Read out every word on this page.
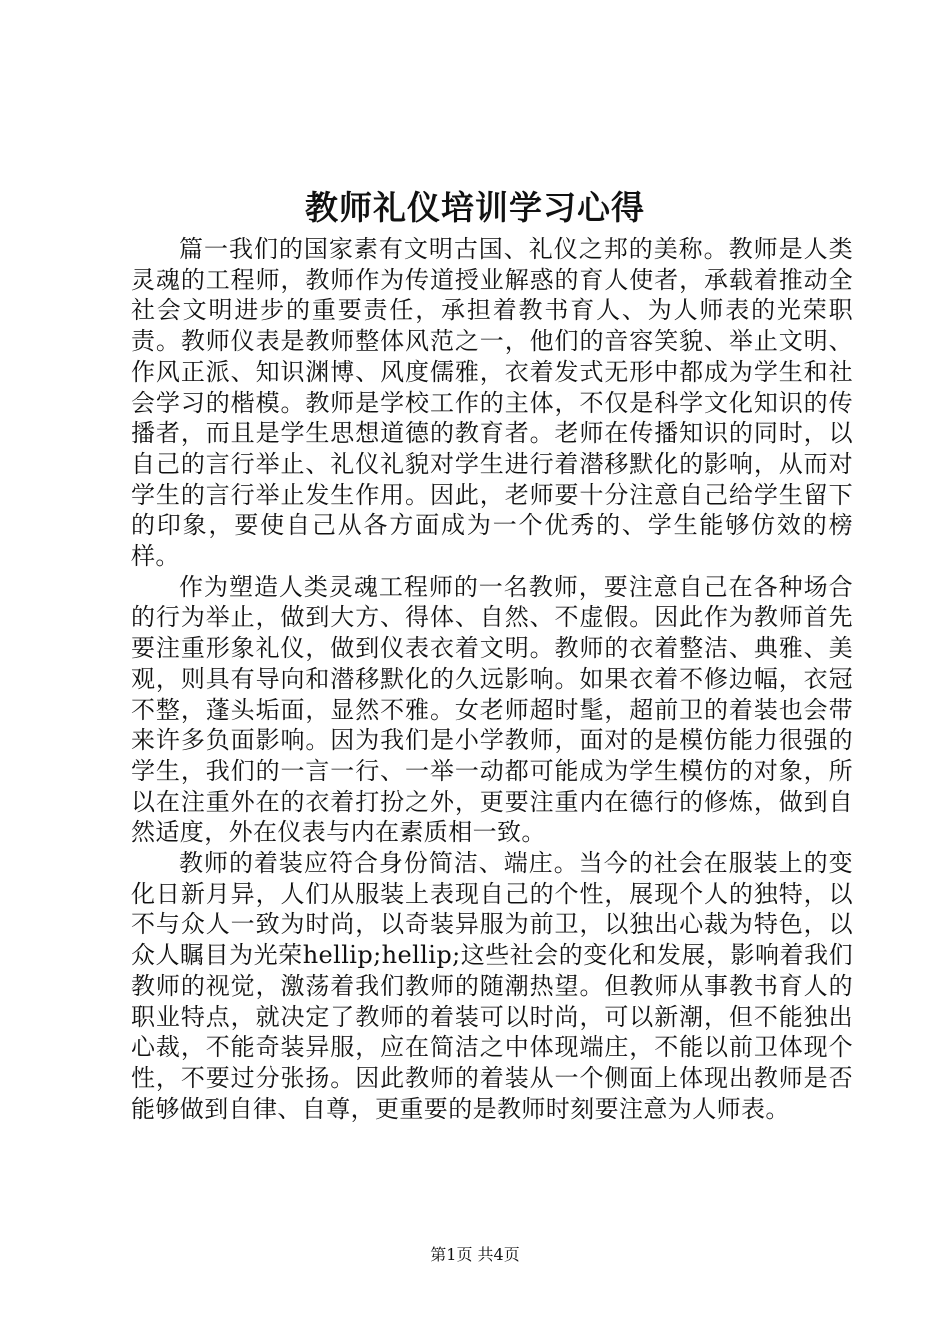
教师礼仪培训学习心得

篇一我们的国家素有文明古国、礼仪之邦的美称。教师是人类灵魂的工程师，教师作为传道授业解惑的育人使者，承载着推动全社会文明进步的重要责任，承担着教书育人、为人师表的光荣职责。教师仪表是教师整体风范之一，他们的音容笑貌、举止文明、作风正派、知识渊博、风度儒雅，衣着发式无形中都成为学生和社会学习的楷模。教师是学校工作的主体，不仅是科学文化知识的传播者，而且是学生思想道德的教育者。老师在传播知识的同时，以自己的言行举止、礼仪礼貌对学生进行着潜移默化的影响，从而对学生的言行举止发生作用。因此，老师要十分注意自己给学生留下的印象，要使自己从各方面成为一个优秀的、学生能够仿效的榜样。

作为塑造人类灵魂工程师的一名教师，要注意自己在各种场合的行为举止，做到大方、得体、自然、不虚假。因此作为教师首先要注重形象礼仪，做到仪表衣着文明。教师的衣着整洁、典雅、美观，则具有导向和潜移默化的久远影响。如果衣着不修边幅，衣冠不整，蓬头垢面，显然不雅。女老师超时髦，超前卫的着装也会带来许多负面影响。因为我们是小学教师，面对的是模仿能力很强的学生，我们的一言一行、一举一动都可能成为学生模仿的对象，所以在注重外在的衣着打扮之外，更要注重内在德行的修炼，做到自然适度，外在仪表与内在素质相一致。

教师的着装应符合身份简洁、端庄。当今的社会在服装上的变化日新月异，人们从服装上表现自己的个性，展现个人的独特，以不与众人一致为时尚，以奇装异服为前卫，以独出心裁为特色，以众人瞩目为光荣hellip;hellip;这些社会的变化和发展，影响着我们教师的视觉，激荡着我们教师的随潮热望。但教师从事教书育人的职业特点，就决定了教师的着装可以时尚，可以新潮，但不能独出心裁，不能奇装异服，应在简洁之中体现端庄，不能以前卫体现个性，不要过分张扬。因此教师的着装从一个侧面上体现出教师是否能够做到自律、自尊，更重要的是教师时刻要注意为人师表。

第1页 共4页
